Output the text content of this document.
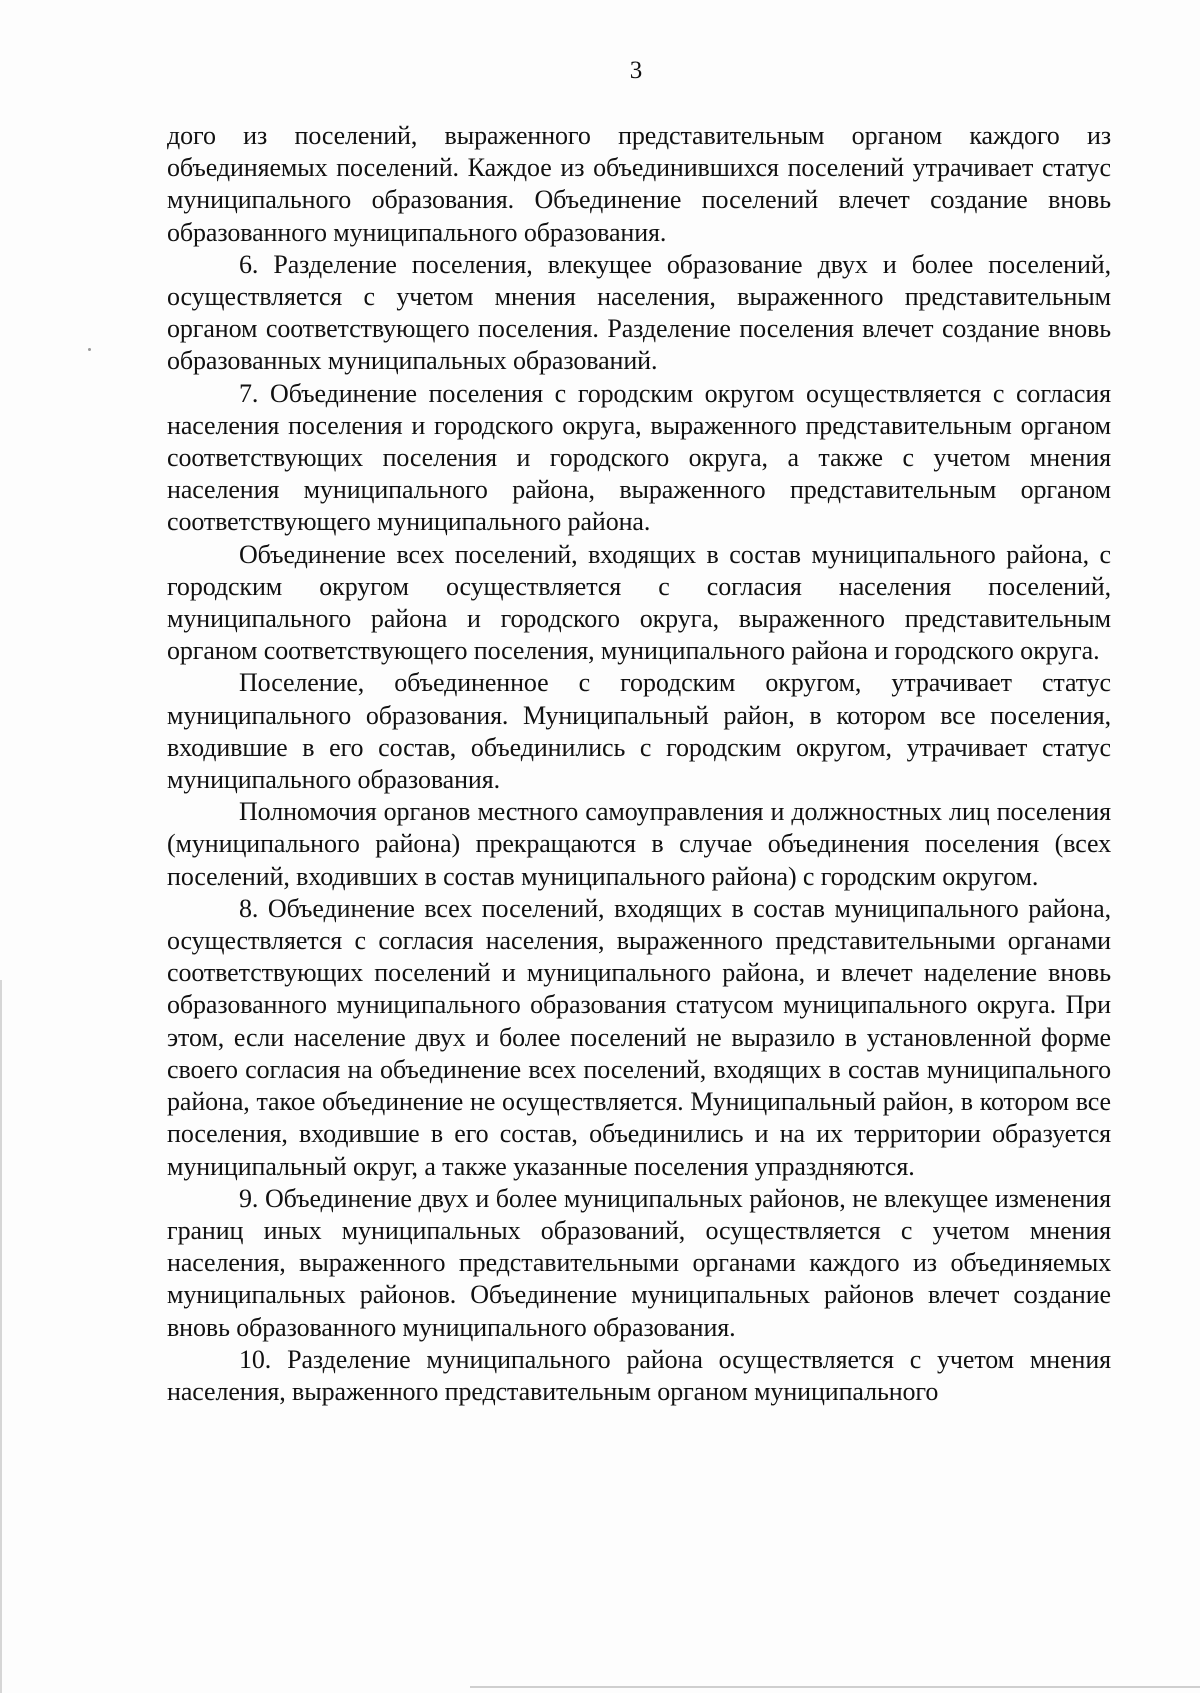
3

дого из поселений, выраженного представительным органом каждого из объединяемых поселений. Каждое из объединившихся поселений утрачивает статус муниципального образования. Объединение поселений влечет создание вновь образованного муниципального образования.

6. Разделение поселения, влекущее образование двух и более поселений, осуществляется с учетом мнения населения, выраженного представительным органом соответствующего поселения. Разделение поселения влечет создание вновь образованных муниципальных образований.

7. Объединение поселения с городским округом осуществляется с согласия населения поселения и городского округа, выраженного представительным органом соответствующих поселения и городского округа, а также с учетом мнения населения муниципального района, выраженного представительным органом соответствующего муниципального района.

Объединение всех поселений, входящих в состав муниципального района, с городским округом осуществляется с согласия населения поселений, муниципального района и городского округа, выраженного представительным органом соответствующего поселения, муниципального района и городского округа.

Поселение, объединенное с городским округом, утрачивает статус муниципального образования. Муниципальный район, в котором все поселения, входившие в его состав, объединились с городским округом, утрачивает статус муниципального образования.

Полномочия органов местного самоуправления и должностных лиц поселения (муниципального района) прекращаются в случае объединения поселения (всех поселений, входивших в состав муниципального района) с городским округом.

8. Объединение всех поселений, входящих в состав муниципального района, осуществляется с согласия населения, выраженного представительными органами соответствующих поселений и муниципального района, и влечет наделение вновь образованного муниципального образования статусом муниципального округа. При этом, если население двух и более поселений не выразило в установленной форме своего согласия на объединение всех поселений, входящих в состав муниципального района, такое объединение не осуществляется. Муниципальный район, в котором все поселения, входившие в его состав, объединились и на их территории образуется муниципальный округ, а также указанные поселения упраздняются.

9. Объединение двух и более муниципальных районов, не влекущее изменения границ иных муниципальных образований, осуществляется с учетом мнения населения, выраженного представительными органами каждого из объединяемых муниципальных районов. Объединение муниципальных районов влечет создание вновь образованного муниципального образования.

10. Разделение муниципального района осуществляется с учетом мнения населения, выраженного представительным органом муниципального
